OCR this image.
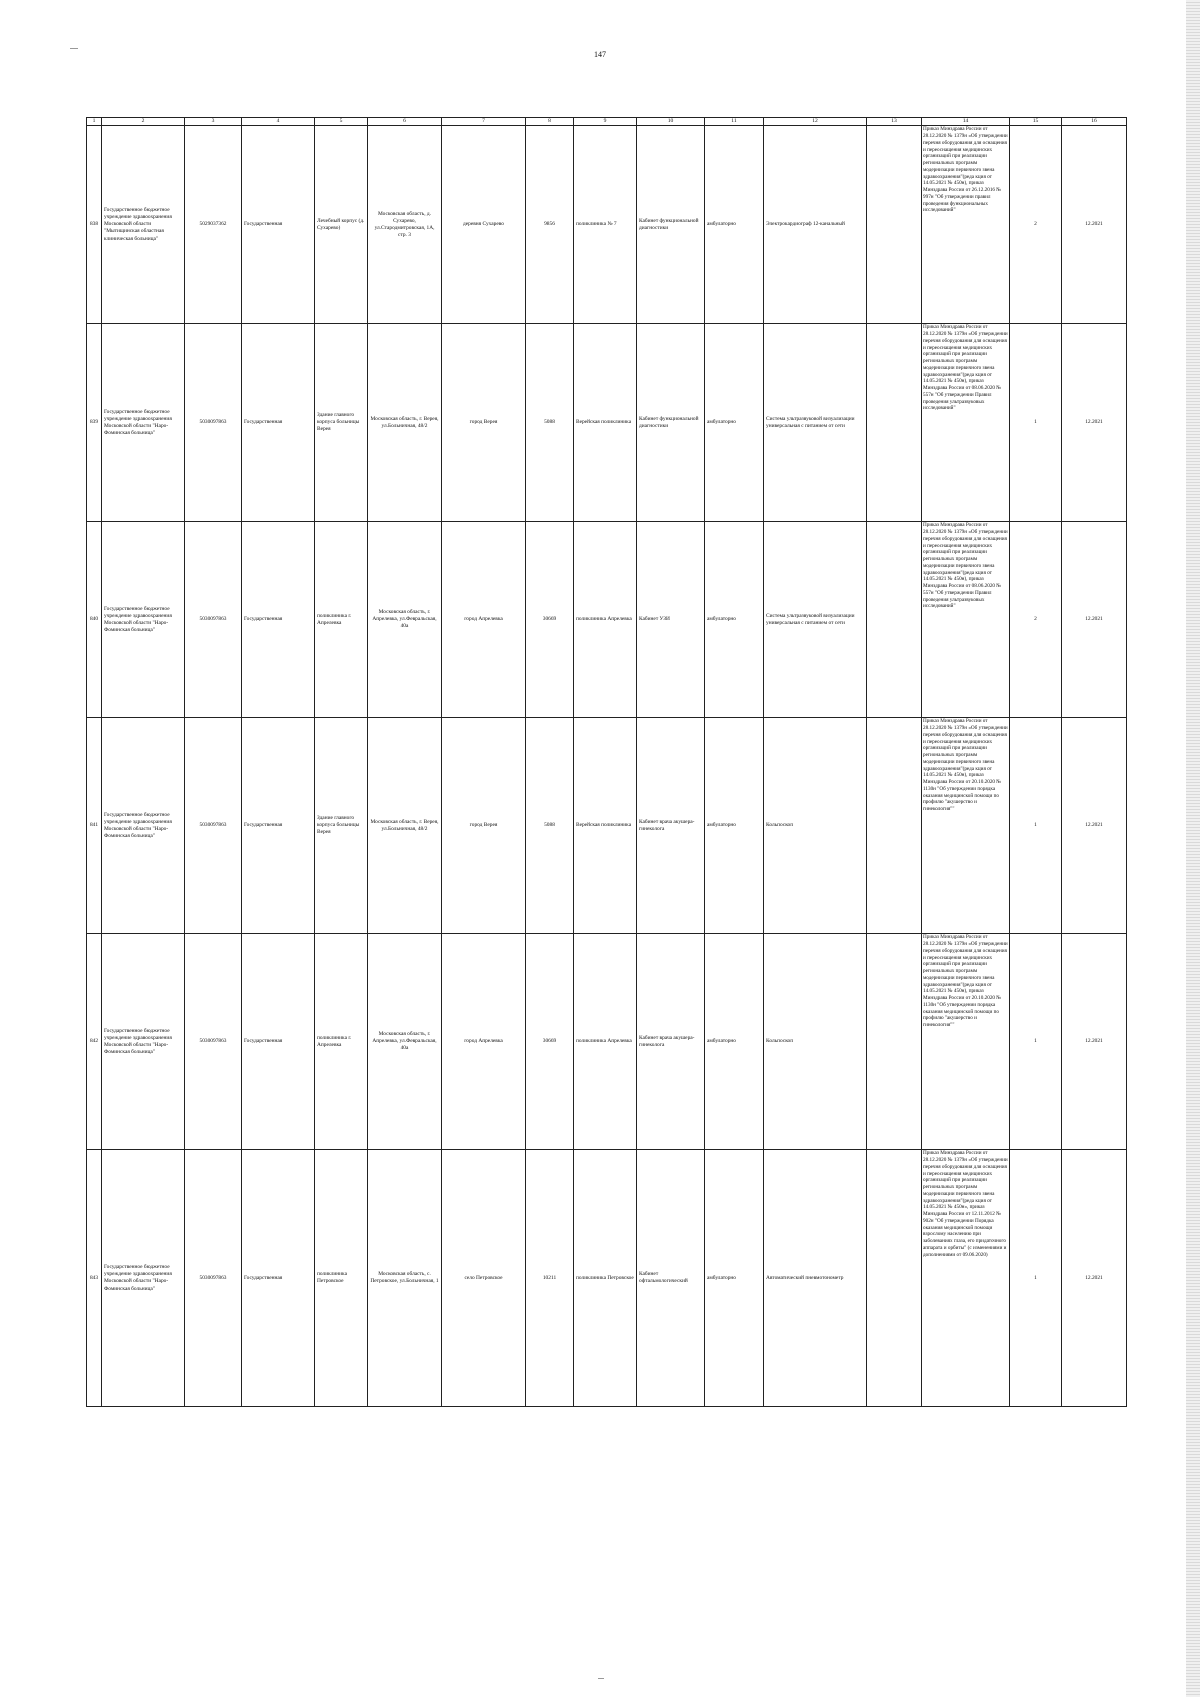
147
1	2	3	4	5	6	7	8	9	10	11	12	13	14	15	16
838	Государственное бюджетное учреждение здравоохранения Московской области "Мытищинская областная клиническая больница"	5029037362	Государственная	Лечебный корпус (д. Сухарево)	Московская область, д. Сухарево, ул.Стародмитровская, 1А, стр. 3	деревня Сухарево	9856	поликлиника № 7	Кабинет функциональной диагностики	амбулаторно	Электрокардиограф 12-канальный		Приказ Минздрава России от 28.12.2020 № 1379н «Об утверждении перечня оборудования для оснащения и переоснащения медицинских организаций при реализации региональных программ модернизации первичного звена здравоохранения"(реда кция от 14.05.2021 № 450н), приказ Минздрава России от 26.12.2016 № 997н "Об утверждении правил проведения функциональных исследований"	2	12.2021
839	Государственное бюджетное учреждение здравоохранения Московской области "Наро-Фоминская больница"	5030097863	Государственная	Здание главного корпуса больницы Верея	Московская область, г. Верея, ул.Больничная, 48/2	город Верея	5088	Верейская поликлиника	Кабинет функциональной диагностики	амбулаторно	Система ультразвуковой визуализации универсальная с питанием от сети		Приказ Минздрава России от 28.12.2020 № 1379н «Об утверждении перечня оборудования для оснащения и переоснащения медицинских организаций при реализации региональных программ модернизации первичного звена здравоохранения"(реда кция от 14.05.2021 № 450н), приказ Минздрава России от 08.06.2020 № 557н "Об утверждении Правил проведения ультразвуковых исследований"	1	12.2021
840	Государственное бюджетное учреждение здравоохранения Московской области "Наро-Фоминская больница"	5030097863	Государственная	поликлиника г. Апрелевка	Московская область, г. Апрелевка, ул.Февральская, 40а	город Апрелевка	30669	поликлиника Апрелевка	Кабинет УЗИ	амбулаторно	Система ультразвуковой визуализации универсальная с питанием от сети		Приказ Минздрава России от 28.12.2020 № 1379н «Об утверждении перечня оборудования для оснащения и переоснащения медицинских организаций при реализации региональных программ модернизации первичного звена здравоохранения"(реда кция от 14.05.2021 № 450н), приказ Минздрава России от 08.06.2020 № 557н "Об утверждении Правил проведения ультразвуковых исследований"	2	12.2021
841	Государственное бюджетное учреждение здравоохранения Московской области "Наро-Фоминская больница"	5030097863	Государственная	Здание главного корпуса больницы Верея	Московская область, г. Верея, ул.Больничная, 48/2	город Верея	5088	Верейская поликлиника	Кабинет врача акушера-гинеколога	амбулаторно	Кольпоскоп		Приказ Минздрава России от 28.12.2020 № 1379н «Об утверждении перечня оборудования для оснащения и переоснащения медицинских организаций при реализации региональных программ модернизации первичного звена здравоохранения"(реда кция от 14.05.2021 № 450н), приказ Минздрава России от 20.10.2020 № 1130н "Об утверждении порядка оказания медицинской помощи по профилю "акушерство и гинекология""	1	12.2021
842	Государственное бюджетное учреждение здравоохранения Московской области "Наро-Фоминская больница"	5030097863	Государственная	поликлиника г. Апрелевка	Московская область, г. Апрелевка, ул.Февральская, 40а	город Апрелевка	30669	поликлиника Апрелевка	Кабинет врача акушера-гинеколога	амбулаторно	Кольпоскоп		Приказ Минздрава России от 28.12.2020 № 1379н «Об утверждении перечня оборудования для оснащения и переоснащения медицинских организаций при реализации региональных программ модернизации первичного звена здравоохранения"(реда кция от 14.05.2021 № 450н), приказ Минздрава России от 20.10.2020 № 1130н "Об утверждении порядка оказания медицинской помощи по профилю "акушерство и гинекология""	1	12.2021
843	Государственное бюджетное учреждение здравоохранения Московской области "Наро-Фоминская больница"	5030097863	Государственная	поликлиника Петровское	Московская область, с. Петровское, ул.Больничная, 1	село Петровское	10211	поликлиника Петровское	Кабинет офтальмологический	амбулаторно	Автоматический пневмотонометр		Приказ Минздрава России от 28.12.2020 № 1379н «Об утверждении перечня оборудования для оснащения и переоснащения медицинских организаций при реализации региональных программ модернизации первичного звена здравоохранения"(реда кция от 14.05.2021 № 450н», приказ Минздрава России от 12.11.2012 № 902н "Об утверждении Порядка оказания медицинской помощи взрослому населению при заболеваниях глаза, его придаточного аппарата и орбиты" (с изменениями и дополнениями от 09.06.2020)	1	12.2021
